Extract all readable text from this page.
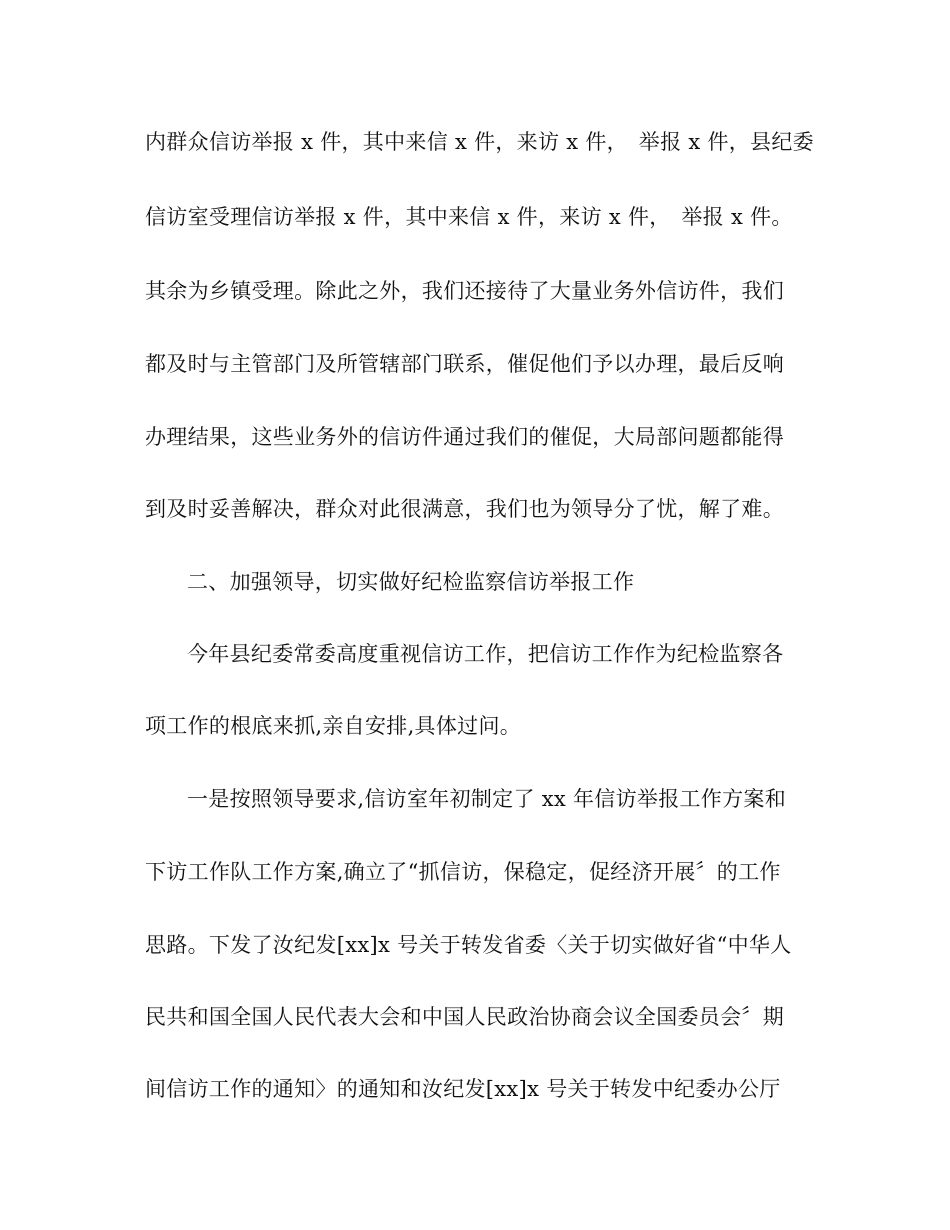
内群众信访举报 x 件，其中来信 x 件，来访 x 件，　举报 x 件，县纪委
信访室受理信访举报 x 件，其中来信 x 件，来访 x 件，　举报 x 件。
其余为乡镇受理。除此之外，我们还接待了大量业务外信访件，我们
都及时与主管部门及所管辖部门联系，催促他们予以办理，最后反响
办理结果，这些业务外的信访件通过我们的催促，大局部问题都能得
到及时妥善解决，群众对此很满意，我们也为领导分了忧，解了难。
二、加强领导，切实做好纪检监察信访举报工作
今年县纪委常委高度重视信访工作，把信访工作作为纪检监察各
项工作的根底来抓,亲自安排,具体过问。
一是按照领导要求,信访室年初制定了 xx 年信访举报工作方案和
下访工作队工作方案,确立了“抓信访，保稳定，促经济开展〞的工作
思路。下发了汝纪发[xx]x 号关于转发省委〈关于切实做好省“中华人
民共和国全国人民代表大会和中国人民政治协商会议全国委员会〞期
间信访工作的通知〉的通知和汝纪发[xx]x 号关于转发中纪委办公厅
